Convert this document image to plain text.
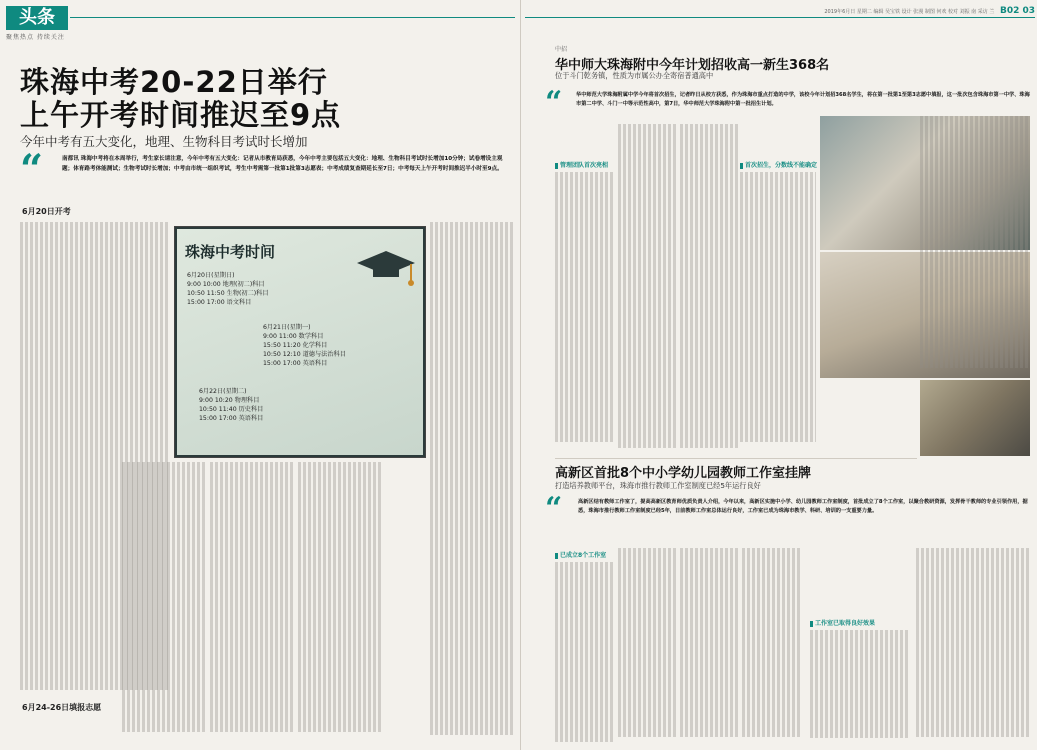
头条
聚焦热点 持续关注
珠海中考20-22日举行
上午开考时间推迟至9点
今年中考有五大变化，地理、生物科目考试时长增加
“	南都讯 珠海中考将在本周举行，考生家长请注意，今年中考有五大变化：记者从市教育局获悉，今年中考主要包括五大变化：地理、生物科目考试时长增加10分钟；试卷增设主观题；体育路考体能测试；生物考试时长增加；中考由市统一组织考试，考生中考需第一批第1批第3志愿表；中考成绩复查期延长至7日；中考每天上午开考时间推迟半小时至9点。
6月20日开考
珠海中考时间
6月20日(星期日)
9:00 10:00 地理(初二)科目
10:50 11:50 生物(初二)科目
15:00 17:00 语文科目
6月21日(星期一)
9:00 11:00 数学科目
15:50 11:20 化学科目
10:50 12:10 道德与法治科目
15:00 17:00 英语科目
6月22日(星期二)
9:00 10:20 物理科目
10:50 11:40 历史科目
15:00 17:00 英语科目
6月24-26日填报志愿
2019年6月日 星期二 编辑 吴宝铁 设计 张漫 制图 何欢 校对 刘振 南 采访 兰 B02 03
中招
华中师大珠海附中今年计划招收高一新生368名
位于斗门乾务镇，性质为市属公办全寄宿普通高中
“	华中师范大学珠海附属中学今年将首次招生，记者昨日从校方获悉，作为珠海市重点打造的中学，该校今年计划招368名学生，将在第一批第1至第3志愿中填报，这一批次包含珠海市第一中学、珠海市第二中学、斗门一中等示范性高中，第7日，华中师范大学珠海附中第一批招生计划。
管理团队首次亮相	首次招生，分数线不能确定
高新区首批8个中小学幼儿园教师工作室挂牌
打造培养教师平台，珠海市推行教师工作室制度已经5年运行良好
“	高新区结有教师工作室了，提高高新区教育师优质负责人介绍，今年以来，高新区实施中小学、幼儿园教师工作室制度，首批成立了8个工作室，以聚合教研资源，发挥骨干教师的专业引领作用，据悉，珠海市推行教师工作室制度已经5年，日前教师工作室总体运行良好，工作室已成为珠海市教学、科研、培训的一支重要力量。
已成立8个工作室
工作室已取得良好效果
